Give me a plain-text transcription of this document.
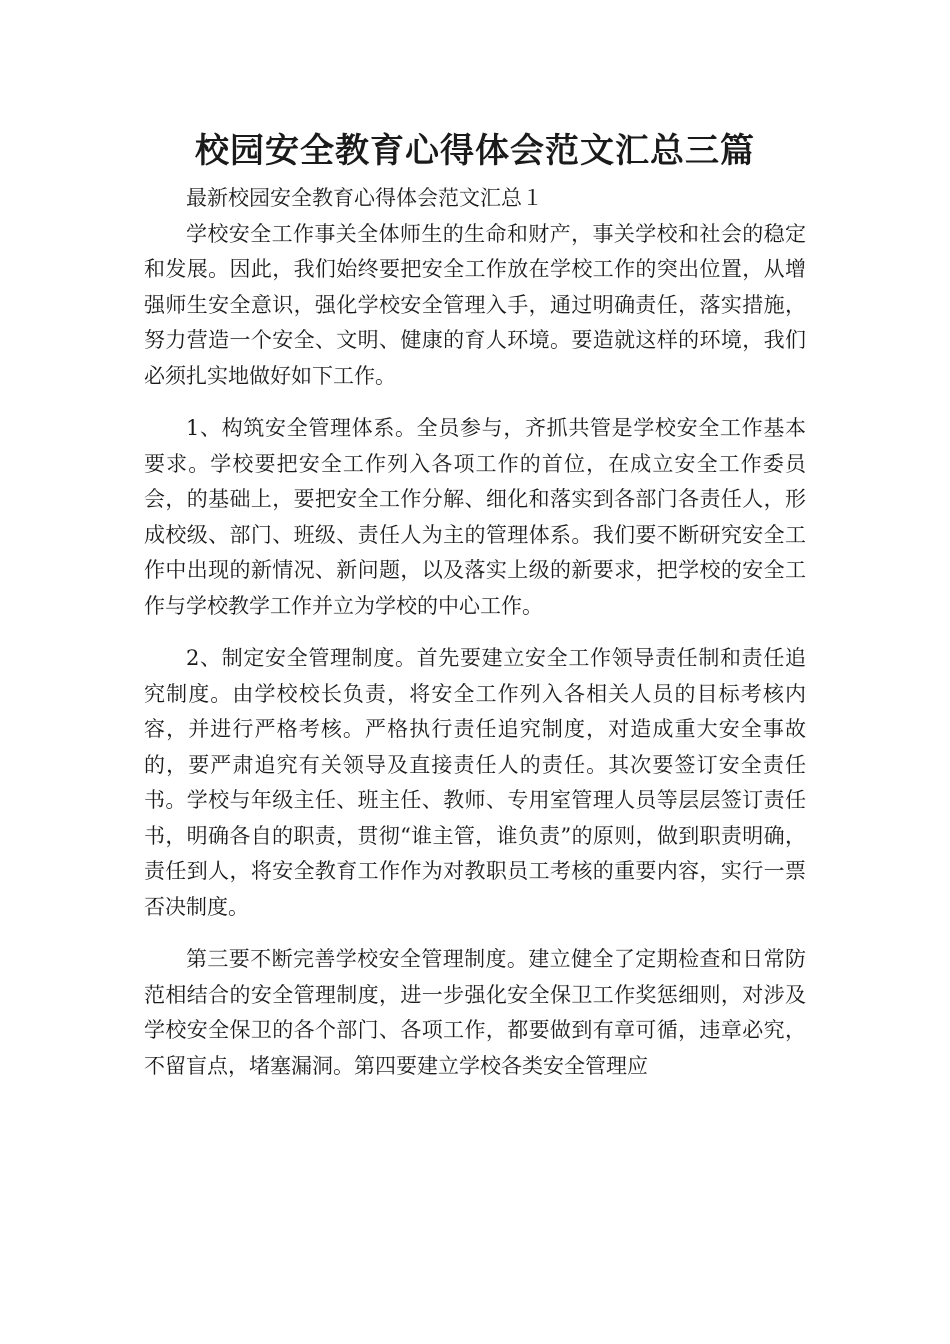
校园安全教育心得体会范文汇总三篇

最新校园安全教育心得体会范文汇总１

学校安全工作事关全体师生的生命和财产，事关学校和社会的稳定和发展。因此，我们始终要把安全工作放在学校工作的突出位置，从增强师生安全意识，强化学校安全管理入手，通过明确责任，落实措施，努力营造一个安全、文明、健康的育人环境。要造就这样的环境，我们必须扎实地做好如下工作。

1、构筑安全管理体系。全员参与，齐抓共管是学校安全工作基本要求。学校要把安全工作列入各项工作的首位，在成立安全工作委员会，的基础上，要把安全工作分解、细化和落实到各部门各责任人，形成校级、部门、班级、责任人为主的管理体系。我们要不断研究安全工作中出现的新情况、新问题，以及落实上级的新要求，把学校的安全工作与学校教学工作并立为学校的中心工作。

2、制定安全管理制度。首先要建立安全工作领导责任制和责任追究制度。由学校校长负责，将安全工作列入各相关人员的目标考核内容，并进行严格考核。严格执行责任追究制度，对造成重大安全事故的，要严肃追究有关领导及直接责任人的责任。其次要签订安全责任书。学校与年级主任、班主任、教师、专用室管理人员等层层签订责任书，明确各自的职责，贯彻“谁主管，谁负责”的原则，做到职责明确，责任到人，将安全教育工作作为对教职员工考核的重要内容，实行一票否决制度。

第三要不断完善学校安全管理制度。建立健全了定期检查和日常防范相结合的安全管理制度，进一步强化安全保卫工作奖惩细则，对涉及学校安全保卫的各个部门、各项工作，都要做到有章可循，违章必究，不留盲点，堵塞漏洞。第四要建立学校各类安全管理应
